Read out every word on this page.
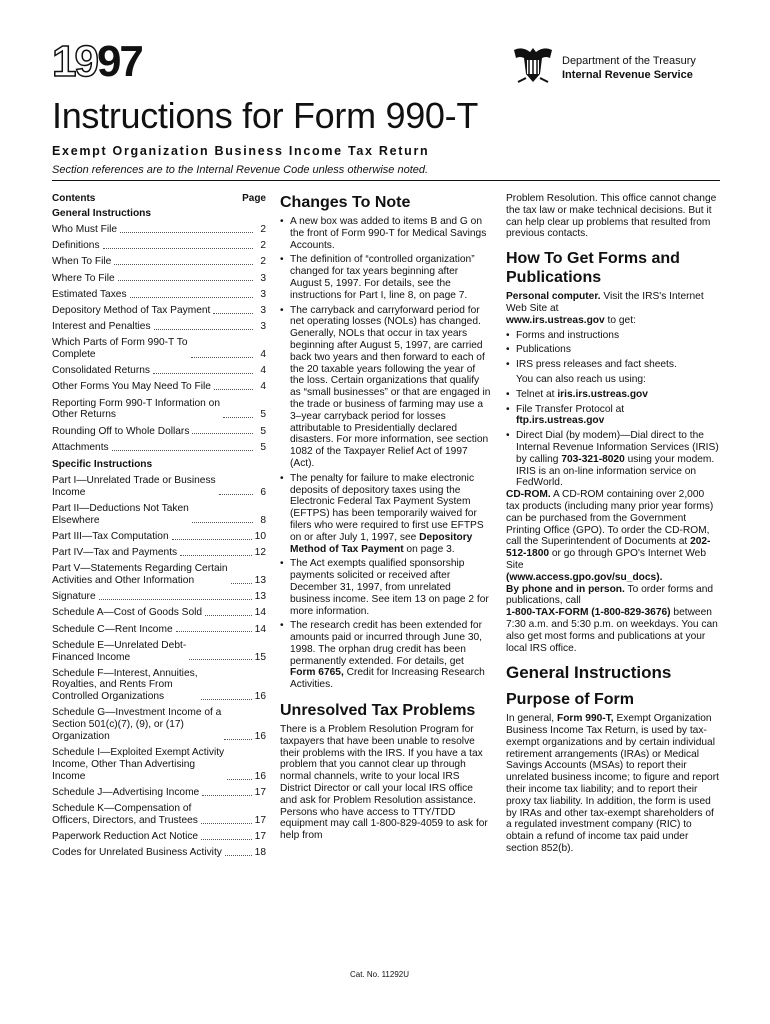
1997	Department of the Treasury
Internal Revenue Service
Instructions for Form 990-T
Exempt Organization Business Income Tax Return
Section references are to the Internal Revenue Code unless otherwise noted.
Contents	Page
General Instructions
Who Must File	2
Definitions	2
When To File	2
Where To File	3
Estimated Taxes	3
Depository Method of Tax Payment	3
Interest and Penalties	3
Which Parts of Form 990-T To
Complete	4
Consolidated Returns	4
Other Forms You May Need To File	4
Reporting Form 990-T Information on
Other Returns	5
Rounding Off to Whole Dollars	5
Attachments	5
Specific Instructions
Part I—Unrelated Trade or Business
Income	6
Part II—Deductions Not Taken
Elsewhere	8
Part III—Tax Computation	10
Part IV—Tax and Payments	12
Part V—Statements Regarding Certain
Activities and Other Information	13
Signature	13
Schedule A—Cost of Goods Sold	14
Schedule C—Rent Income	14
Schedule E—Unrelated Debt-
Financed Income	15
Schedule F—Interest, Annuities,
Royalties, and Rents From
Controlled Organizations	16
Schedule G—Investment Income of a
Section 501(c)(7), (9), or (17)
Organization	16
Schedule I—Exploited Exempt Activity
Income, Other Than Advertising
Income	16
Schedule J—Advertising Income	17
Schedule K—Compensation of
Officers, Directors, and Trustees	17
Paperwork Reduction Act Notice	17
Codes for Unrelated Business Activity	18
Changes To Note

• A new box was added to items B and G on the front of Form 990-T for Medical Savings Accounts.

• The definition of “controlled organization” changed for tax years beginning after August 5, 1997. For details, see the instructions for Part I, line 8, on page 7.

• The carryback and carryforward period for net operating losses (NOLs) has changed. Generally, NOLs that occur in tax years beginning after August 5, 1997, are carried back two years and then forward to each of the 20 taxable years following the year of the loss. Certain organizations that qualify as “small businesses” or that are engaged in the trade or business of farming may use a 3–year carryback period for losses attributable to Presidentially declared disasters. For more information, see section 1082 of the Taxpayer Relief Act of 1997 (Act).

• The penalty for failure to make electronic deposits of depository taxes using the Electronic Federal Tax Payment System (EFTPS) has been temporarily waived for filers who were required to first use EFTPS on or after July 1, 1997, see Depository Method of Tax Payment on page 3.

• The Act exempts qualified sponsorship payments solicited or received after December 31, 1997, from unrelated business income. See item 13 on page 2 for more information.

• The research credit has been extended for amounts paid or incurred through June 30, 1998. The orphan drug credit has been permanently extended. For details, get Form 6765, Credit for Increasing Research Activities.

Unresolved Tax Problems

There is a Problem Resolution Program for taxpayers that have been unable to resolve their problems with the IRS. If you have a tax problem that you cannot clear up through normal channels, write to your local IRS District Director or call your local IRS office and ask for Problem Resolution assistance. Persons who have access to TTY/TDD equipment may call 1-800-829-4059 to ask for help from

Problem Resolution. This office cannot change the tax law or make technical decisions. But it can help clear up problems that resulted from previous contacts.

How To Get Forms and Publications

Personal computer. Visit the IRS's Internet Web Site at
www.irs.ustreas.gov to get:

• Forms and instructions

• Publications

• IRS press releases and fact sheets.

You can also reach us using:

• Telnet at iris.irs.ustreas.gov

• File Transfer Protocol at
ftp.irs.ustreas.gov

• Direct Dial (by modem)—Dial direct to the Internal Revenue Information Services (IRIS) by calling 703-321-8020 using your modem. IRIS is an on-line information service on FedWorld.

CD-ROM. A CD-ROM containing over 2,000 tax products (including many prior year forms) can be purchased from the Government Printing Office (GPO). To order the CD-ROM, call the Superintendent of Documents at 202-512-1800 or go through GPO's Internet Web Site
(www.access.gpo.gov/su_docs).

By phone and in person. To order forms and publications, call
1-800-TAX-FORM (1-800-829-3676) between 7:30 a.m. and 5:30 p.m. on weekdays. You can also get most forms and publications at your local IRS office.

General Instructions
Purpose of Form

In general, Form 990-T, Exempt Organization Business Income Tax Return, is used by tax-exempt organizations and by certain individual retirement arrangements (IRAs) or Medical Savings Accounts (MSAs) to report their unrelated business income; to figure and report their income tax liability; and to report their proxy tax liability. In addition, the form is used by IRAs and other tax-exempt shareholders of a regulated investment company (RIC) to obtain a refund of income tax paid under section 852(b).

Cat. No. 11292U
